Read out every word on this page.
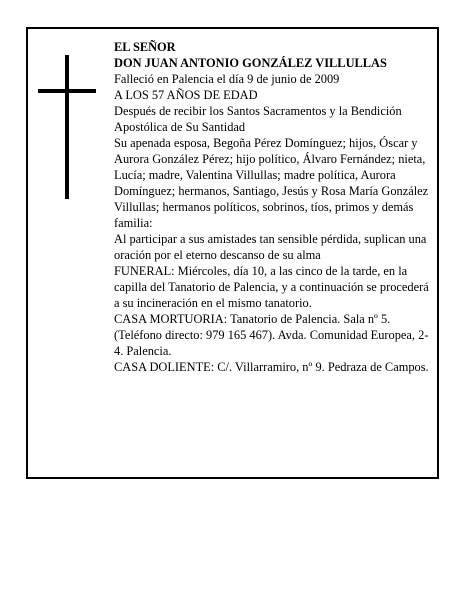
EL SEÑOR

DON JUAN ANTONIO GONZÁLEZ VILLULLAS

Falleció en Palencia el día 9 de junio de 2009

A LOS 57 AÑOS DE EDAD

Después de recibir los Santos Sacramentos y la Bendición Apostólica de Su Santidad

Su apenada esposa, Begoña Pérez Domínguez; hijos, Óscar y Aurora González Pérez; hijo político, Álvaro Fernández; nieta, Lucía; madre, Valentina Villullas; madre política, Aurora Domínguez; hermanos, Santiago, Jesús y Rosa María González Villullas; hermanos políticos, sobrinos, tíos, primos y demás familia:

Al participar a sus amistades tan sensible pérdida, suplican una oración por el eterno descanso de su alma

FUNERAL: Miércoles, día 10, a las cinco de la tarde, en la capilla del Tanatorio de Palencia, y a continuación se procederá a su incineración en el mismo tanatorio.

CASA MORTUORIA: Tanatorio de Palencia. Sala nº 5. (Teléfono directo: 979 165 467). Avda. Comunidad Europea, 2-4. Palencia.

CASA DOLIENTE: C/. Villarramiro, nº 9. Pedraza de Campos.
